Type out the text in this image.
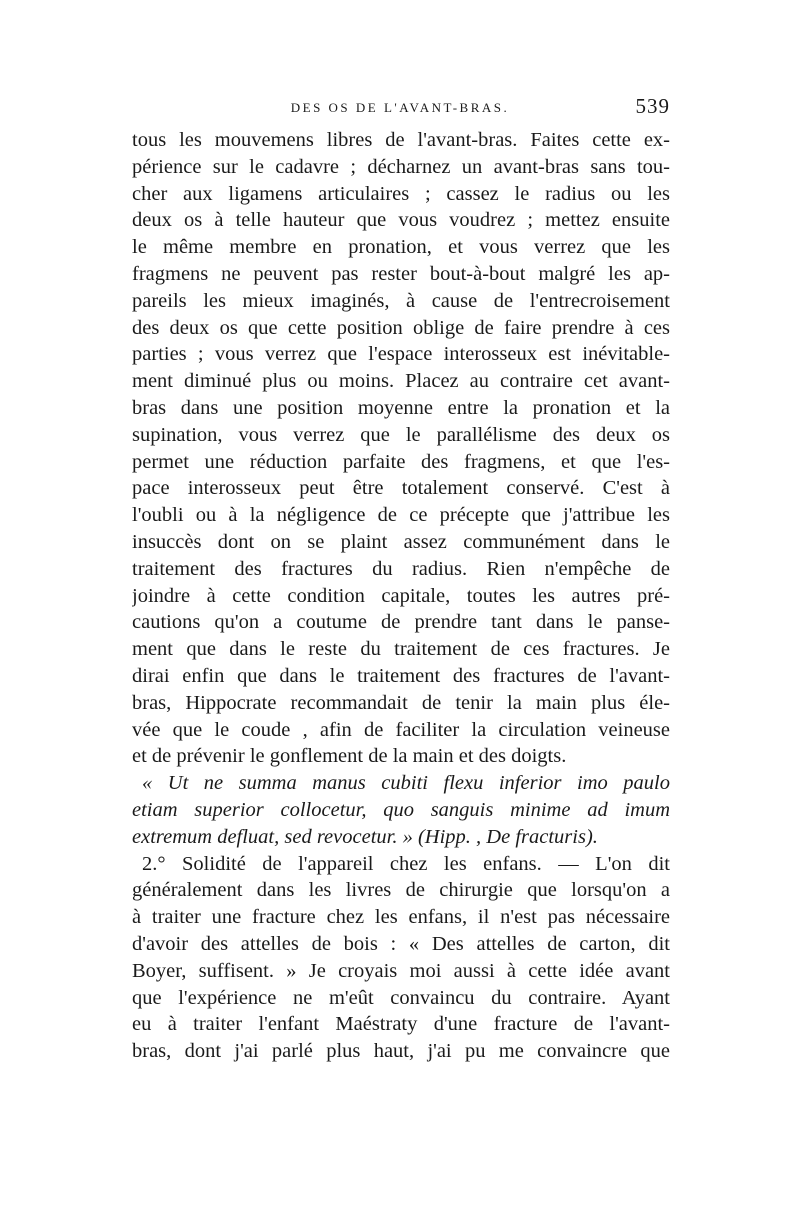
DES OS DE L'AVANT-BRAS.	539
tous les mouvemens libres de l'avant-bras. Faites cette ex-
périence sur le cadavre ; décharnez un avant-bras sans tou-
cher aux ligamens articulaires ; cassez le radius ou les
deux os à telle hauteur que vous voudrez ; mettez ensuite
le même membre en pronation, et vous verrez que les
fragmens ne peuvent pas rester bout-à-bout malgré les ap-
pareils les mieux imaginés, à cause de l'entrecroisement
des deux os que cette position oblige de faire prendre à ces
parties ; vous verrez que l'espace interosseux est inévitable-
ment diminué plus ou moins. Placez au contraire cet avant-
bras dans une position moyenne entre la pronation et la
supination, vous verrez que le parallélisme des deux os
permet une réduction parfaite des fragmens, et que l'es-
pace interosseux peut être totalement conservé. C'est à
l'oubli ou à la négligence de ce précepte que j'attribue les
insuccès dont on se plaint assez communément dans le
traitement des fractures du radius. Rien n'empêche de
joindre à cette condition capitale, toutes les autres pré-
cautions qu'on a coutume de prendre tant dans le panse-
ment que dans le reste du traitement de ces fractures. Je
dirai enfin que dans le traitement des fractures de l'avant-
bras, Hippocrate recommandait de tenir la main plus éle-
vée que le coude , afin de faciliter la circulation veineuse
et de prévenir le gonflement de la main et des doigts.
« Ut ne summa manus cubiti flexu inferior imo paulo
etiam superior collocetur, quo sanguis minime ad imum
extremum defluat, sed revocetur. » (Hipp. , De fracturis).
2.° Solidité de l'appareil chez les enfans. — L'on dit
généralement dans les livres de chirurgie que lorsqu'on a
à traiter une fracture chez les enfans, il n'est pas nécessaire
d'avoir des attelles de bois : « Des attelles de carton, dit
Boyer, suffisent. » Je croyais moi aussi à cette idée avant
que l'expérience ne m'eût convaincu du contraire. Ayant
eu à traiter l'enfant Maéstraty d'une fracture de l'avant-
bras, dont j'ai parlé plus haut, j'ai pu me convaincre que
